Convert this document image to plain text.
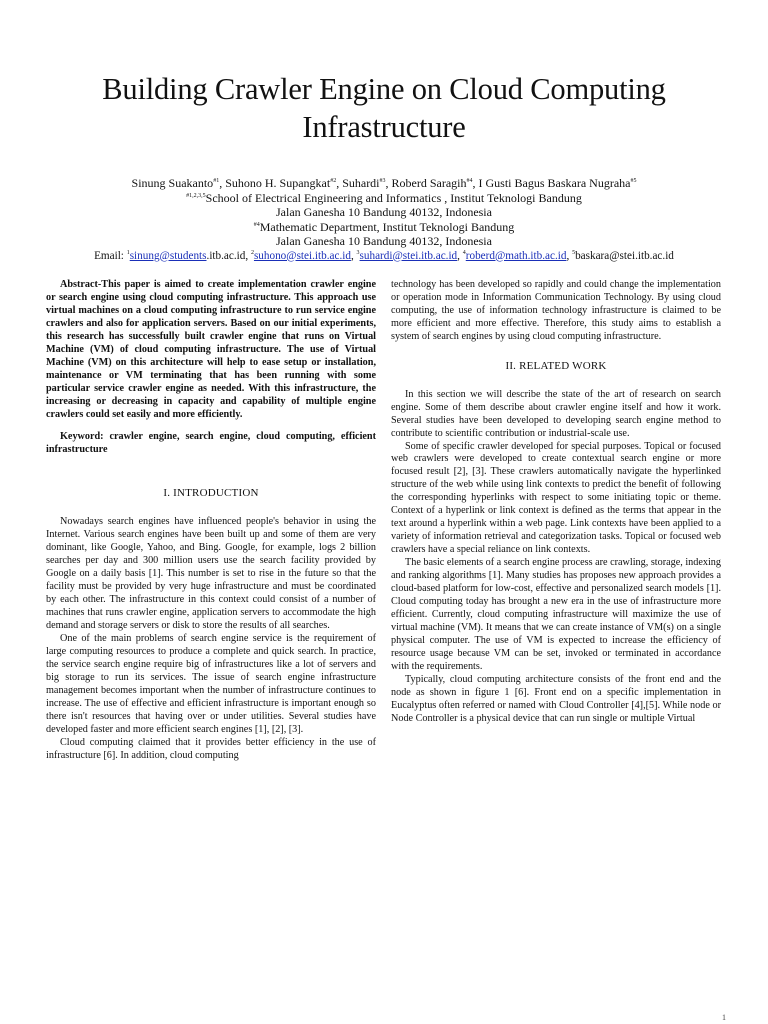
Building Crawler Engine on Cloud Computing Infrastructure
Sinung Suakanto$^{\#1}$, Suhono H. Supangkat$^{\#2}$, Suhardi$^{\#3}$, Roberd Saragih$^{\#4}$, I Gusti Bagus Baskara Nugraha$^{\#5}$
$^{\#1,2,3,5}$School of Electrical Engineering and Informatics , Institut Teknologi Bandung
Jalan Ganesha 10 Bandung 40132, Indonesia
$^{\#4}$Mathematic Department, Institut Teknologi Bandung
Jalan Ganesha 10 Bandung 40132, Indonesia
Email: $^1$sinung@students.itb.ac.id, $^2$suhono@stei.itb.ac.id, $^3$suhardi@stei.itb.ac.id, $^4$roberd@math.itb.ac.id, $^5$baskara@stei.itb.ac.id

Abstract-This paper is aimed to create implementation crawler engine or search engine using cloud computing infrastructure. This approach use virtual machines on a cloud computing infrastructure to run service engine crawlers and also for application servers. Based on our initial experiments, this research has successfully built crawler engine that runs on Virtual Machine (VM) of cloud computing infrastructure. The use of Virtual Machine (VM) on this architecture will help to ease setup or installation, maintenance or VM terminating that has been running with some particular service crawler engine as needed. With this infrastructure, the increasing or decreasing in capacity and capability of multiple engine crawlers could set easily and more efficiently.

Keyword: crawler engine, search engine, cloud computing, efficient infrastructure

I. INTRODUCTION

Nowadays search engines have influenced people's behavior in using the Internet. Various search engines have been built up and some of them are very dominant, like Google, Yahoo, and Bing. Google, for example, logs 2 billion searches per day and 300 million users use the search facility provided by Google on a daily basis [1]. This number is set to rise in the future so that the facility must be provided by very huge infrastructure and must be coordinated by each other. The infrastructure in this context could consist of a number of machines that runs crawler engine, application servers to accommodate the high demand and storage servers or disk to store the results of all searches.

One of the main problems of search engine service is the requirement of large computing resources to produce a complete and quick search. In practice, the service search engine require big of infrastructures like a lot of servers and big storage to run its services. The issue of search engine infrastructure management becomes important when the number of infrastructure continues to increase. The use of effective and efficient infrastructure is important enough so there isn't resources that having over or under utilities. Several studies have developed faster and more efficient search engines [1], [2], [3].

Cloud computing claimed that it provides better efficiency in the use of infrastructure [6]. In addition, cloud computing

technology has been developed so rapidly and could change the implementation or operation mode in Information Communication Technology. By using cloud computing, the use of information technology infrastructure is claimed to be more efficient and more effective. Therefore, this study aims to establish a system of search engines by using cloud computing infrastructure.

II. RELATED WORK

In this section we will describe the state of the art of research on search engine. Some of them describe about crawler engine itself and how it work. Several studies have been developed to developing search engine method to contribute to scientific contribution or industrial-scale use.

Some of specific crawler developed for special purposes. Topical or focused web crawlers were developed to create contextual search engine or more focused result [2], [3]. These crawlers automatically navigate the hyperlinked structure of the web while using link contexts to predict the benefit of following the corresponding hyperlinks with respect to some initiating topic or theme. Context of a hyperlink or link context is defined as the terms that appear in the text around a hyperlink within a web page. Link contexts have been applied to a variety of information retrieval and categorization tasks. Topical or focused web crawlers have a special reliance on link contexts.

The basic elements of a search engine process are crawling, storage, indexing and ranking algorithms [1]. Many studies has proposes new approach provides a cloud-based platform for low-cost, effective and personalized search models [1]. Cloud computing today has brought a new era in the use of infrastructure more efficient. Currently, cloud computing infrastructure will maximize the use of virtual machine (VM). It means that we can create instance of VM(s) on a single physical computer. The use of VM is expected to increase the efficiency of resource usage because VM can be set, invoked or terminated in accordance with the requirements.

Typically, cloud computing architecture consists of the front end and the node as shown in figure 1 [6]. Front end on a specific implementation in Eucalyptus often referred or named with Cloud Controller [4],[5]. While node or Node Controller is a physical device that can run single or multiple Virtual

1
